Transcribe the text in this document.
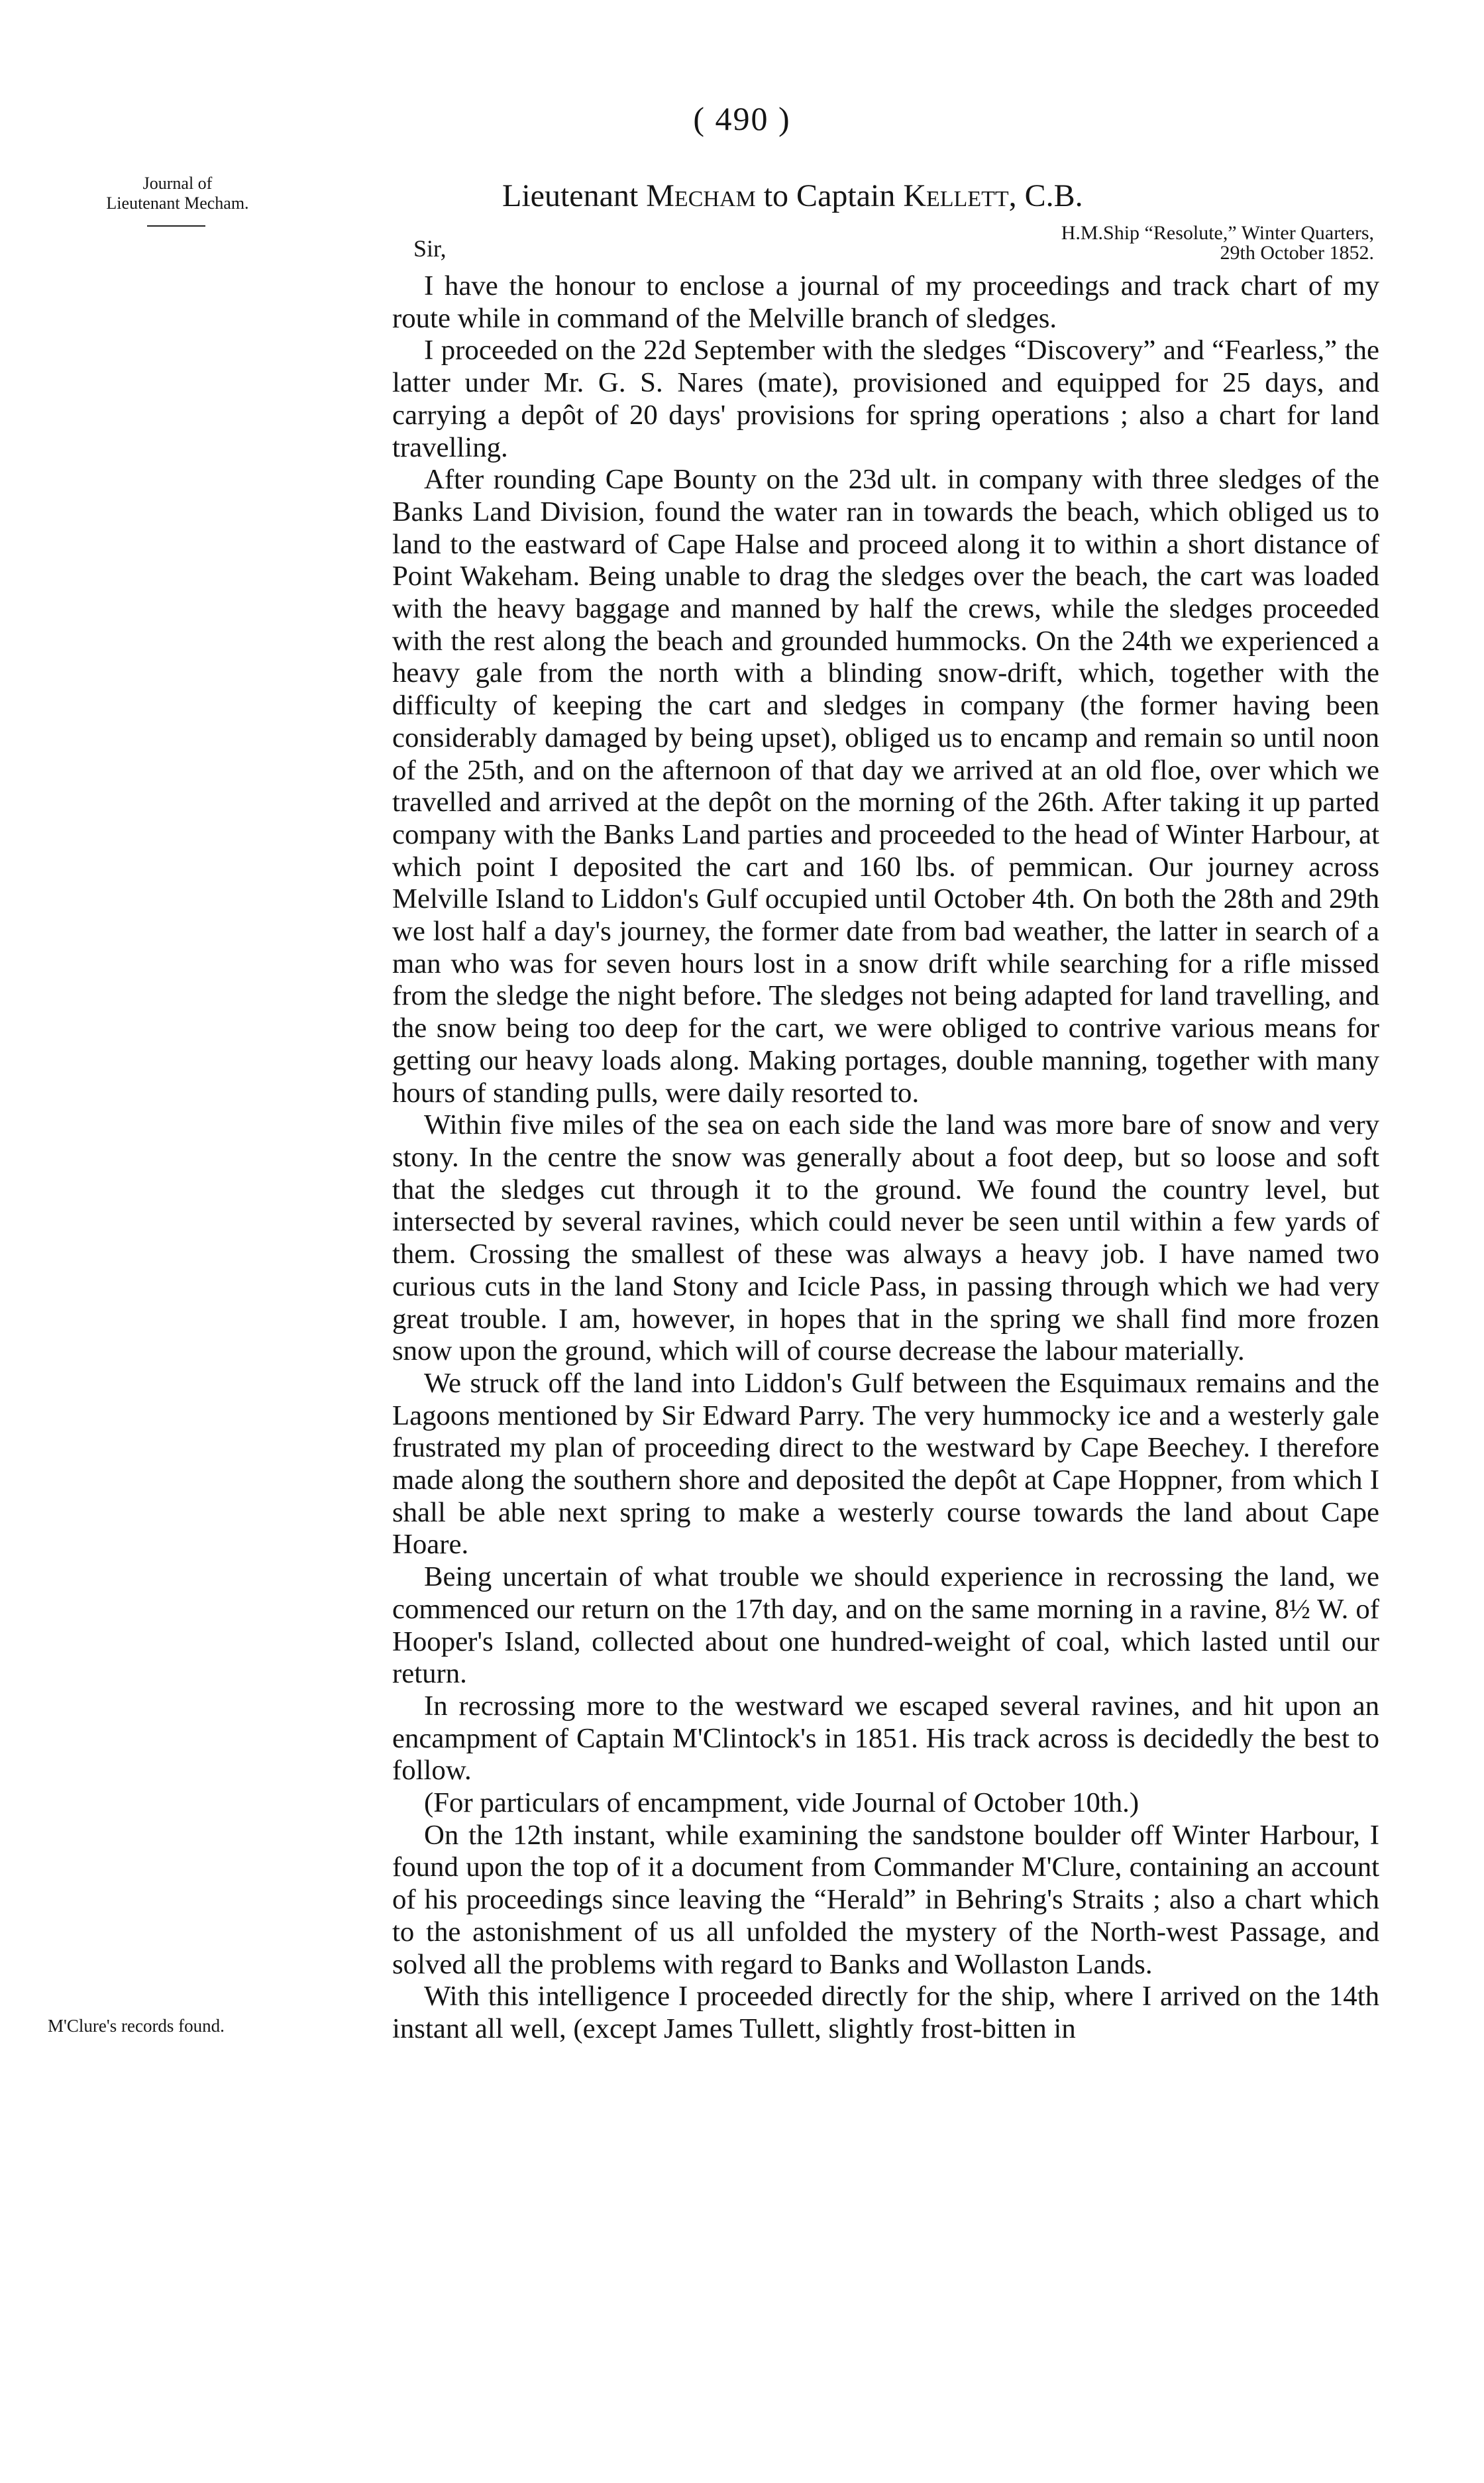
( 490 )
Journal of
Lieutenant Mecham.	Lieutenant Mecham to Captain Kellett, C.B.
H.M.Ship “Resolute,” Winter Quarters,
29th October 1852.
Sir,

I have the honour to enclose a journal of my proceedings and track chart of my route while in command of the Melville branch of sledges.

I proceeded on the 22d September with the sledges “Discovery” and “Fearless,” the latter under Mr. G. S. Nares (mate), provisioned and equipped for 25 days, and carrying a depôt of 20 days' provisions for spring operations ; also a chart for land travelling.

After rounding Cape Bounty on the 23d ult. in company with three sledges of the Banks Land Division, found the water ran in towards the beach, which obliged us to land to the eastward of Cape Halse and proceed along it to within a short distance of Point Wakeham. Being unable to drag the sledges over the beach, the cart was loaded with the heavy baggage and manned by half the crews, while the sledges proceeded with the rest along the beach and grounded hummocks. On the 24th we experienced a heavy gale from the north with a blinding snow-drift, which, together with the difficulty of keeping the cart and sledges in company (the former having been considerably damaged by being upset), obliged us to encamp and remain so until noon of the 25th, and on the afternoon of that day we arrived at an old floe, over which we travelled and arrived at the depôt on the morning of the 26th. After taking it up parted company with the Banks Land parties and proceeded to the head of Winter Harbour, at which point I deposited the cart and 160 lbs. of pemmican. Our journey across Melville Island to Liddon's Gulf occupied until October 4th. On both the 28th and 29th we lost half a day's journey, the former date from bad weather, the latter in search of a man who was for seven hours lost in a snow drift while searching for a rifle missed from the sledge the night before. The sledges not being adapted for land travelling, and the snow being too deep for the cart, we were obliged to contrive various means for getting our heavy loads along. Making portages, double manning, together with many hours of standing pulls, were daily resorted to.

Within five miles of the sea on each side the land was more bare of snow and very stony. In the centre the snow was generally about a foot deep, but so loose and soft that the sledges cut through it to the ground. We found the country level, but intersected by several ravines, which could never be seen until within a few yards of them. Crossing the smallest of these was always a heavy job. I have named two curious cuts in the land Stony and Icicle Pass, in passing through which we had very great trouble. I am, however, in hopes that in the spring we shall find more frozen snow upon the ground, which will of course decrease the labour materially.

We struck off the land into Liddon's Gulf between the Esquimaux remains and the Lagoons mentioned by Sir Edward Parry. The very hummocky ice and a westerly gale frustrated my plan of proceeding direct to the westward by Cape Beechey. I therefore made along the southern shore and deposited the depôt at Cape Hoppner, from which I shall be able next spring to make a westerly course towards the land about Cape Hoare.

Being uncertain of what trouble we should experience in recrossing the land, we commenced our return on the 17th day, and on the same morning in a ravine, 8½ W. of Hooper's Island, collected about one hundred-weight of coal, which lasted until our return.

In recrossing more to the westward we escaped several ravines, and hit upon an encampment of Captain M'Clintock's in 1851. His track across is decidedly the best to follow.

(For particulars of encampment, vide Journal of October 10th.)

On the 12th instant, while examining the sandstone boulder off Winter Harbour, I found upon the top of it a document from Commander M'Clure, containing an account of his proceedings since leaving the “Herald” in Behring's Straits ; also a chart which to the astonishment of us all unfolded the mystery of the North-west Passage, and solved all the problems with regard to Banks and Wollaston Lands.

With this intelligence I proceeded directly for the ship, where I arrived on the 14th instant all well, (except James Tullett, slightly frost-bitten in

M'Clure's records found.
